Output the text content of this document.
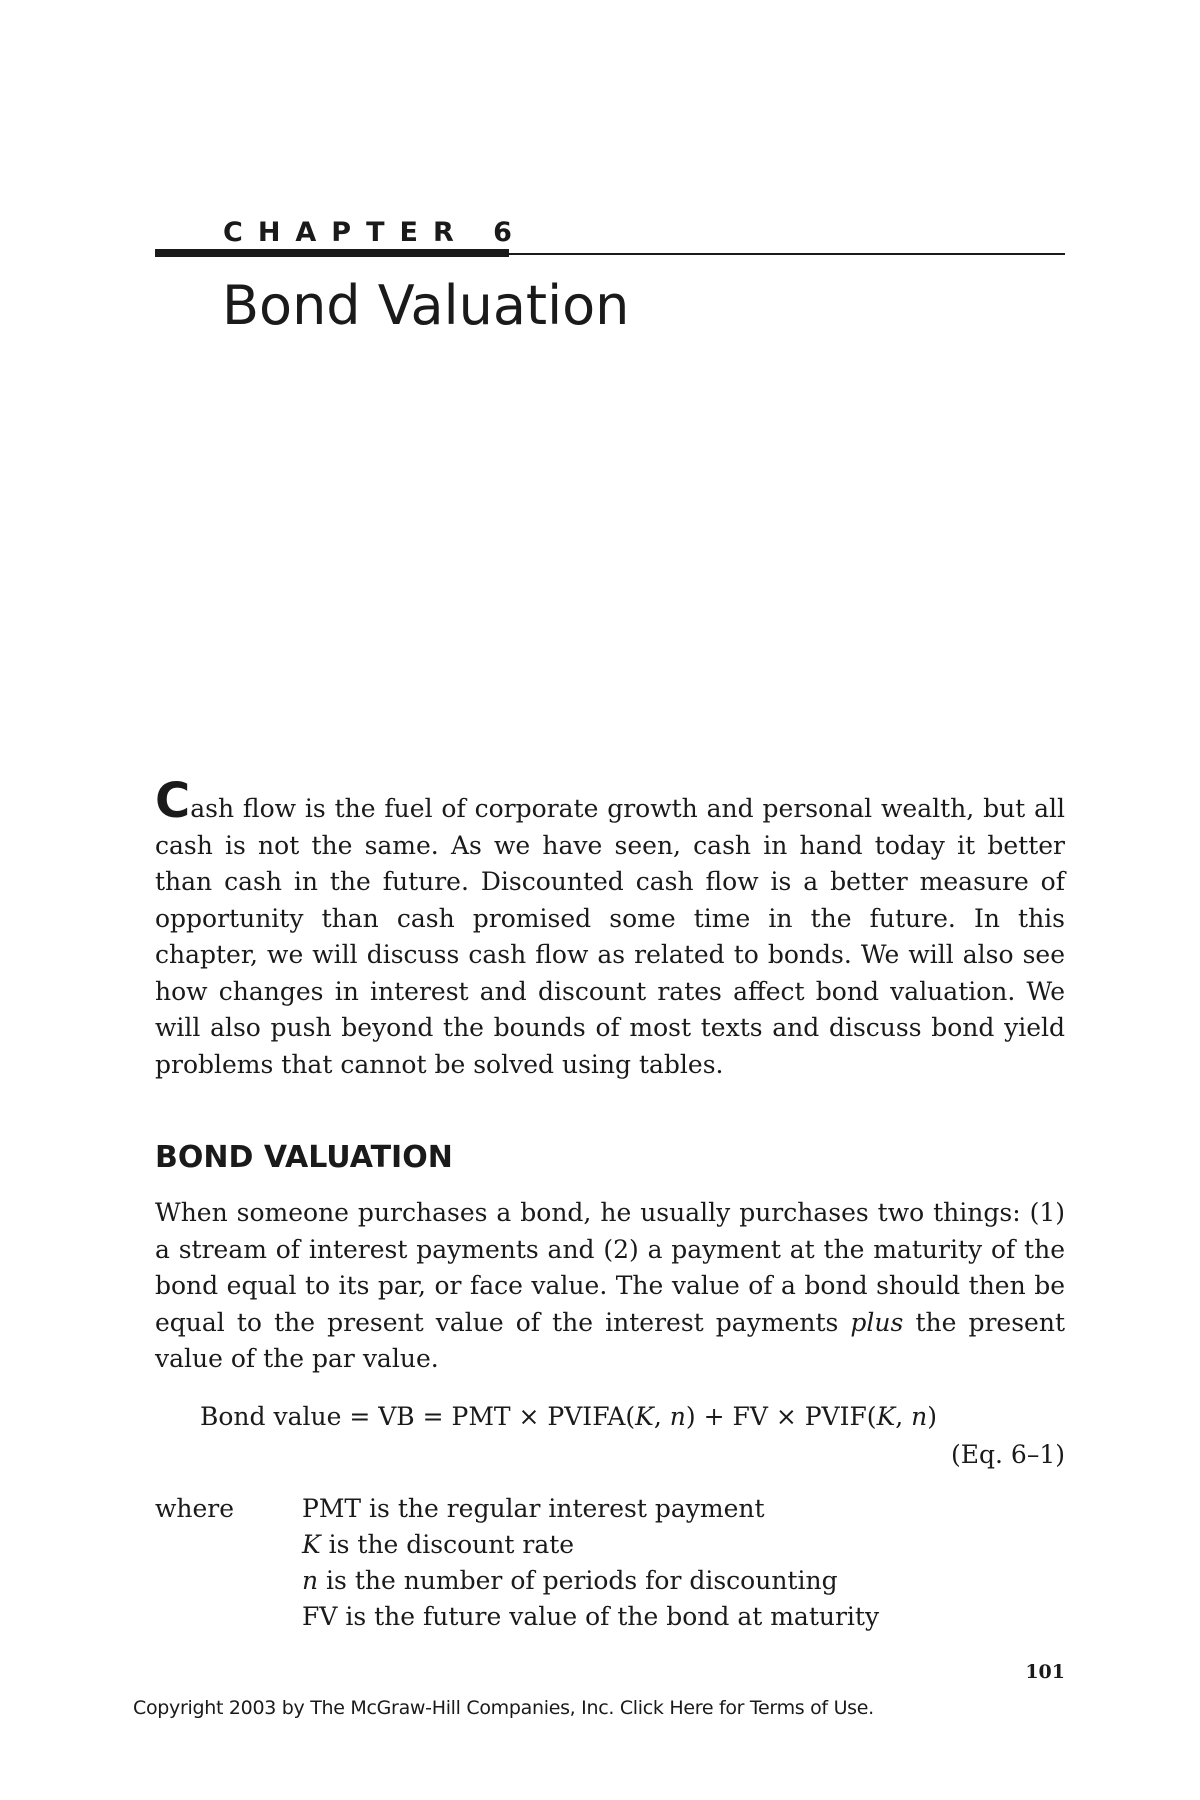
CHAPTER 6
Bond Valuation

Cash flow is the fuel of corporate growth and personal wealth, but all cash is not the same. As we have seen, cash in hand today it better than cash in the future. Discounted cash flow is a better measure of opportunity than cash promised some time in the future. In this chapter, we will discuss cash flow as related to bonds. We will also see how changes in interest and discount rates affect bond valuation. We will also push beyond the bounds of most texts and discuss bond yield problems that cannot be solved using tables.

BOND VALUATION

When someone purchases a bond, he usually purchases two things: (1) a stream of interest payments and (2) a payment at the maturity of the bond equal to its par, or face value. The value of a bond should then be equal to the present value of the interest payments plus the present value of the par value.

Bond value = VB = PMT × PVIFA(K, n) + FV × PVIF(K, n)
(Eq. 6–1)
where	PMT is the regular interest payment
K is the discount rate
n is the number of periods for discounting
FV is the future value of the bond at maturity
101
Copyright 2003 by The McGraw-Hill Companies, Inc. Click Here for Terms of Use.
